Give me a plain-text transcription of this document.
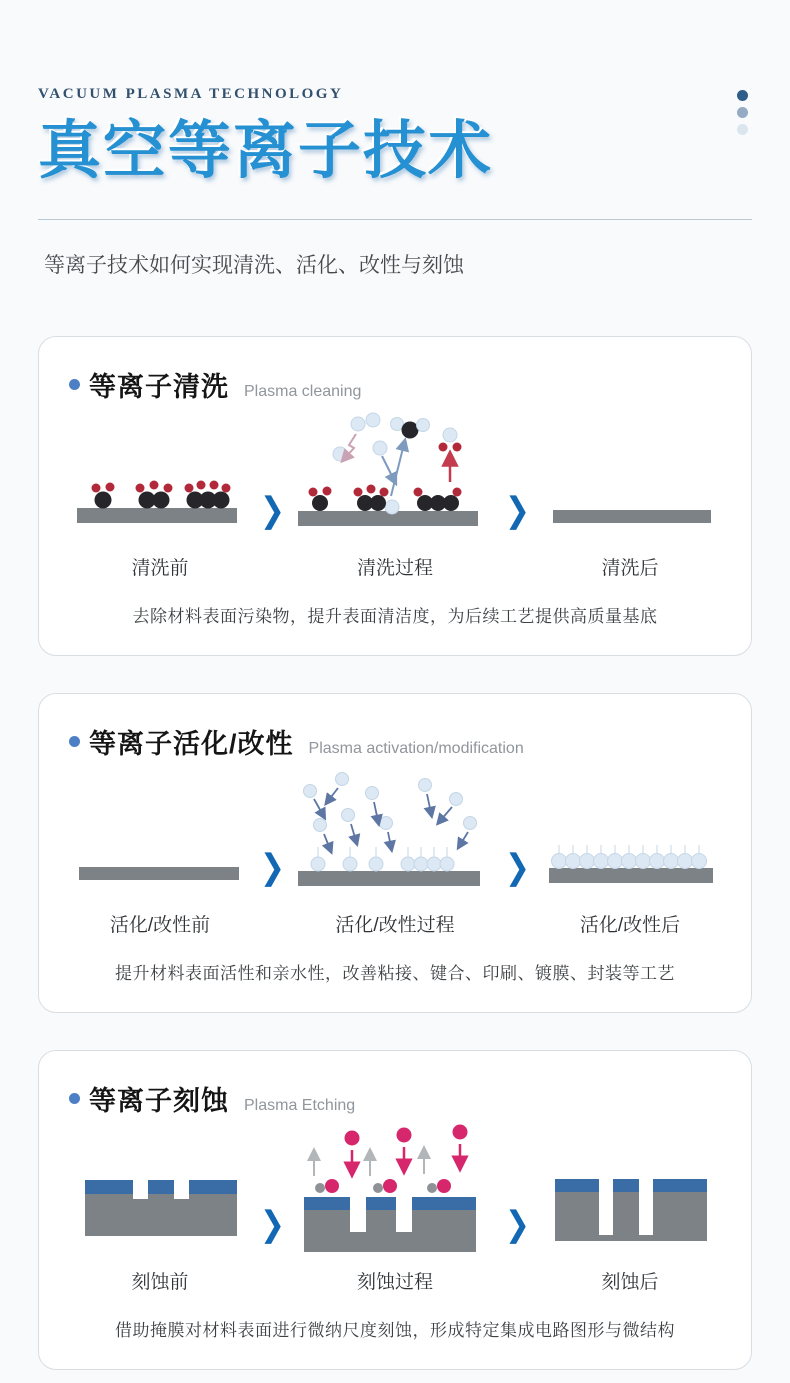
VACUUM PLASMA TECHNOLOGY
真空等离子技术

等离子技术如何实现清洗、活化、改性与刻蚀

等离子清洗 Plasma cleaning
清洗前
❯
清洗过程
❯
清洗后

去除材料表面污染物，提升表面清洁度，为后续工艺提供高质量基底

等离子活化/改性 Plasma activation/modification
活化/改性前
❯
活化/改性过程
❯
活化/改性后

提升材料表面活性和亲水性，改善粘接、键合、印刷、镀膜、封装等工艺

等离子刻蚀 Plasma Etching
刻蚀前
❯
刻蚀过程
❯
刻蚀后

借助掩膜对材料表面进行微纳尺度刻蚀，形成特定集成电路图形与微结构
